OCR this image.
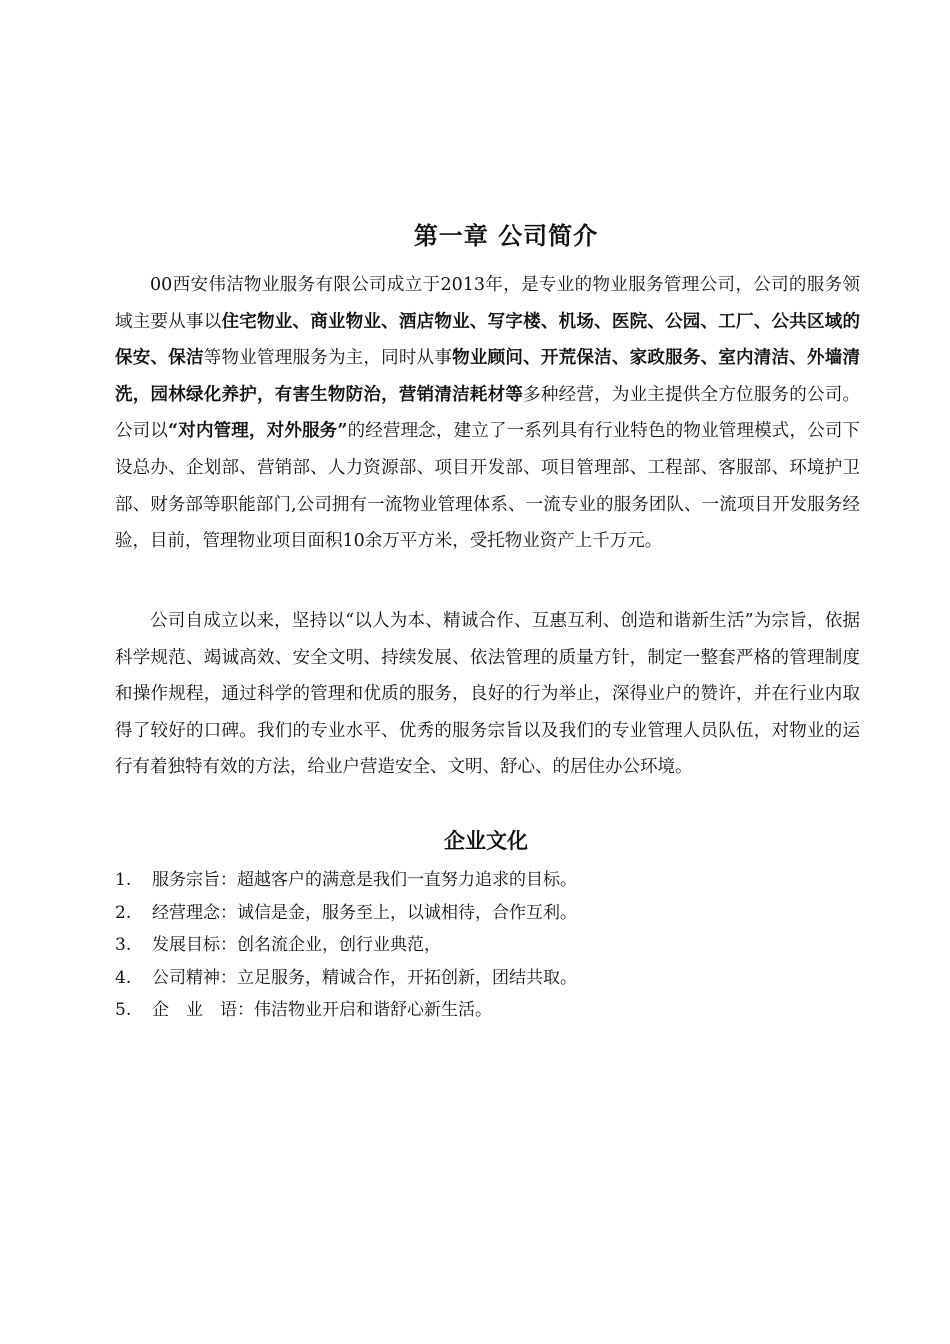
第一章 公司简介

00西安伟洁物业服务有限公司成立于2013年，是专业的物业服务管理公司，公司的服务领域主要从事以住宅物业、商业物业、酒店物业、写字楼、机场、医院、公园、工厂、公共区域的保安、保洁等物业管理服务为主，同时从事物业顾问、开荒保洁、家政服务、室内清洁、外墙清洗，园林绿化养护，有害生物防治，营销清洁耗材等多种经营，为业主提供全方位服务的公司。公司以“对内管理，对外服务”的经营理念，建立了一系列具有行业特色的物业管理模式，公司下设总办、企划部、营销部、人力资源部、项目开发部、项目管理部、工程部、客服部、环境护卫部、财务部等职能部门,公司拥有一流物业管理体系、一流专业的服务团队、一流项目开发服务经验，目前，管理物业项目面积10余万平方米，受托物业资产上千万元。

公司自成立以来，坚持以“以人为本、精诚合作、互惠互利、创造和谐新生活”为宗旨，依据科学规范、竭诚高效、安全文明、持续发展、依法管理的质量方针，制定一整套严格的管理制度和操作规程，通过科学的管理和优质的服务，良好的行为举止，深得业户的赞许，并在行业内取得了较好的口碑。我们的专业水平、优秀的服务宗旨以及我们的专业管理人员队伍，对物业的运行有着独特有效的方法，给业户营造安全、文明、舒心、的居住办公环境。

企业文化
1.	服务宗旨：超越客户的满意是我们一直努力追求的目标。
2.	经营理念：诚信是金，服务至上，以诚相待，合作互利。
3.	发展目标：创名流企业，创行业典范，
4.	公司精神：立足服务，精诚合作，开拓创新，团结共取。
5.	企　业　语：伟洁物业开启和谐舒心新生活。
